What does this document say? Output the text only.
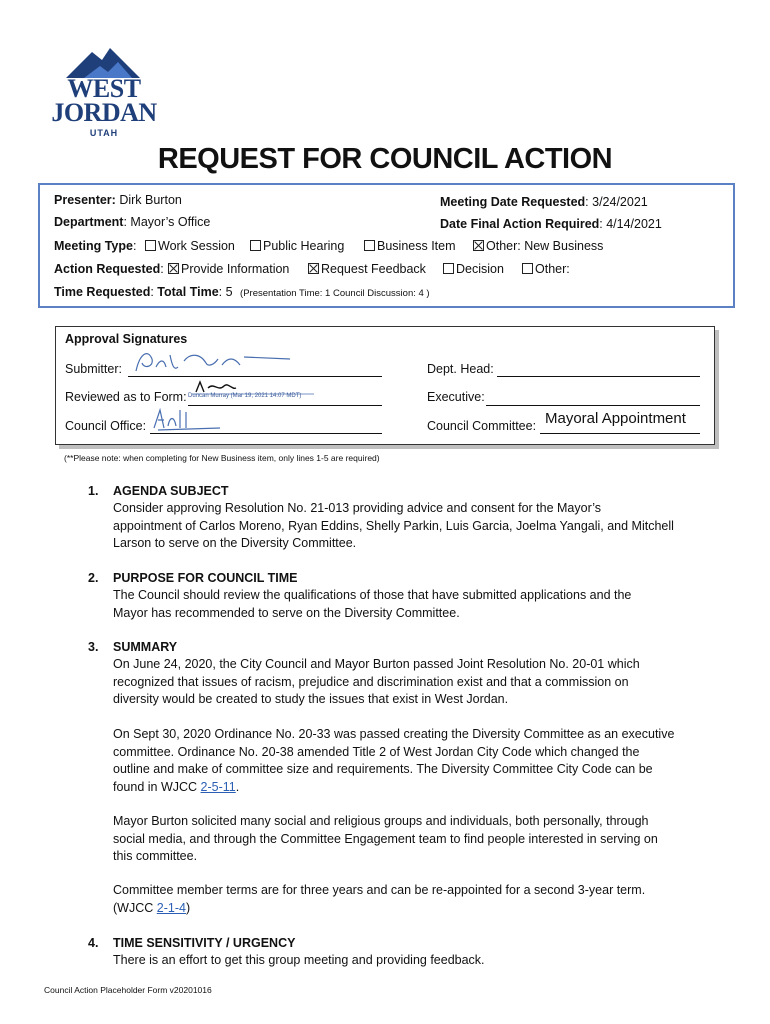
WEST
JORDAN
UTAH
REQUEST FOR COUNCIL ACTION
Presenter: Dirk Burton	Meeting Date Requested: 3/24/2021
Department: Mayor’s Office	Date Final Action Required: 4/14/2021
Meeting Type:	Work Session	Public Hearing	Business Item	Other: New Business
Action Requested:	Provide Information	Request Feedback	Decision	Other:
Time Requested: Total Time: 5 (Presentation Time: 1 Council Discussion: 4 )
Approval Signatures
Submitter:	Dept. Head:
Reviewed as to Form: Duncan Murray (Mar 19, 2021 14:07 MDT)	Executive:
Council Office:	Council Committee: Mayoral Appointment
(**Please note: when completing for New Business item, only lines 1-5 are required)
1. AGENDA SUBJECT
Consider approving Resolution No. 21-013 providing advice and consent for the Mayor’s
appointment of Carlos Moreno, Ryan Eddins, Shelly Parkin, Luis Garcia, Joelma Yangali, and Mitchell
Larson to serve on the Diversity Committee.
2. PURPOSE FOR COUNCIL TIME
The Council should review the qualifications of those that have submitted applications and the
Mayor has recommended to serve on the Diversity Committee.
3. SUMMARY
On June 24, 2020, the City Council and Mayor Burton passed Joint Resolution No. 20-01 which
recognized that issues of racism, prejudice and discrimination exist and that a commission on
diversity would be created to study the issues that exist in West Jordan.
On Sept 30, 2020 Ordinance No. 20-33 was passed creating the Diversity Committee as an executive
committee. Ordinance No. 20-38 amended Title 2 of West Jordan City Code which changed the
outline and make of committee size and requirements. The Diversity Committee City Code can be
found in WJCC 2-5-11.
Mayor Burton solicited many social and religious groups and individuals, both personally, through
social media, and through the Committee Engagement team to find people interested in serving on
this committee.
Committee member terms are for three years and can be re-appointed for a second 3-year term.
(WJCC 2-1-4)
4. TIME SENSITIVITY / URGENCY
There is an effort to get this group meeting and providing feedback.
Council Action Placeholder Form v20201016
